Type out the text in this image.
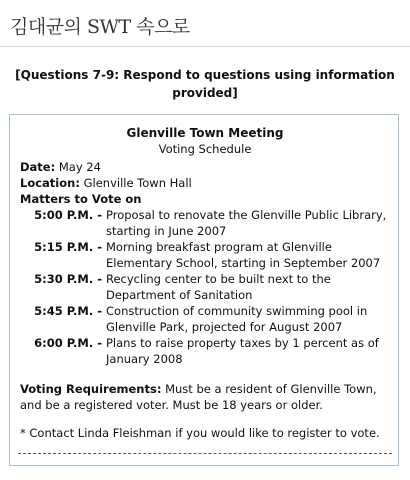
김대균의 SWT 속으로
[Questions 7-9: Respond to questions using information provided]
Glenville Town Meeting
Voting Schedule
Date: May 24
Location: Glenville Town Hall
Matters to Vote on
5:00 P.M. - Proposal to renovate the Glenville Public Library, starting in June 2007
5:15 P.M. - Morning breakfast program at Glenville Elementary School, starting in September 2007
5:30 P.M. - Recycling center to be built next to the Department of Sanitation
5:45 P.M. - Construction of community swimming pool in Glenville Park, projected for August 2007
6:00 P.M. - Plans to raise property taxes by 1 percent as of January 2008
Voting Requirements: Must be a resident of Glenville Town, and be a registered voter. Must be 18 years or older.
* Contact Linda Fleishman if you would like to register to vote.
